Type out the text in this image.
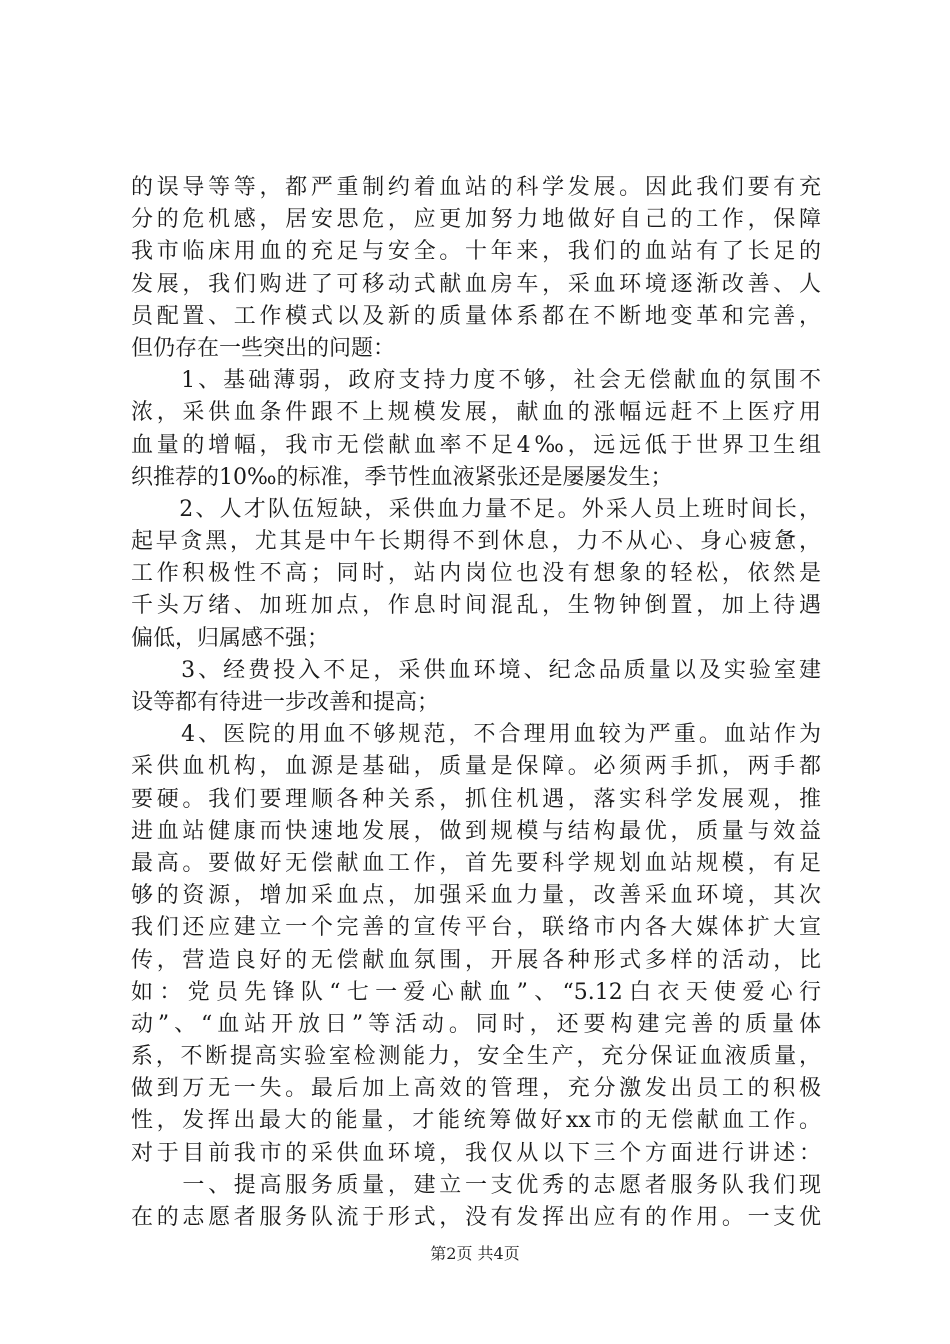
的误导等等，都严重制约着血站的科学发展。因此我们要有充
分的危机感，居安思危，应更加努力地做好自己的工作，保障
我市临床用血的充足与安全。十年来，我们的血站有了长足的
发展，我们购进了可移动式献血房车，采血环境逐渐改善、人
员配置、工作模式以及新的质量体系都在不断地变革和完善，
但仍存在一些突出的问题：
　　1、基础薄弱，政府支持力度不够，社会无偿献血的氛围不
浓，采供血条件跟不上规模发展，献血的涨幅远赶不上医疗用
血量的增幅，我市无偿献血率不足4‰，远远低于世界卫生组
织推荐的10‰的标准，季节性血液紧张还是屡屡发生；
　　2、人才队伍短缺，采供血力量不足。外采人员上班时间长，
起早贪黑，尤其是中午长期得不到休息，力不从心、身心疲惫，
工作积极性不高；同时，站内岗位也没有想象的轻松，依然是
千头万绪、加班加点，作息时间混乱，生物钟倒置，加上待遇
偏低，归属感不强；
　　3、经费投入不足，采供血环境、纪念品质量以及实验室建
设等都有待进一步改善和提高；
　　4、医院的用血不够规范，不合理用血较为严重。血站作为
采供血机构，血源是基础，质量是保障。必须两手抓，两手都
要硬。我们要理顺各种关系，抓住机遇，落实科学发展观，推
进血站健康而快速地发展，做到规模与结构最优，质量与效益
最高。要做好无偿献血工作，首先要科学规划血站规模，有足
够的资源，增加采血点，加强采血力量，改善采血环境，其次
我们还应建立一个完善的宣传平台，联络市内各大媒体扩大宣
传，营造良好的无偿献血氛围，开展各种形式多样的活动，比
如：党员先锋队“七一爱心献血”、“5.12白衣天使爱心行
动”、“血站开放日”等活动。同时，还要构建完善的质量体
系，不断提高实验室检测能力，安全生产，充分保证血液质量，
做到万无一失。最后加上高效的管理，充分激发出员工的积极
性，发挥出最大的能量，才能统筹做好xx市的无偿献血工作。
对于目前我市的采供血环境，我仅从以下三个方面进行讲述：
　　一、提高服务质量，建立一支优秀的志愿者服务队我们现
在的志愿者服务队流于形式，没有发挥出应有的作用。一支优
第2页 共4页
